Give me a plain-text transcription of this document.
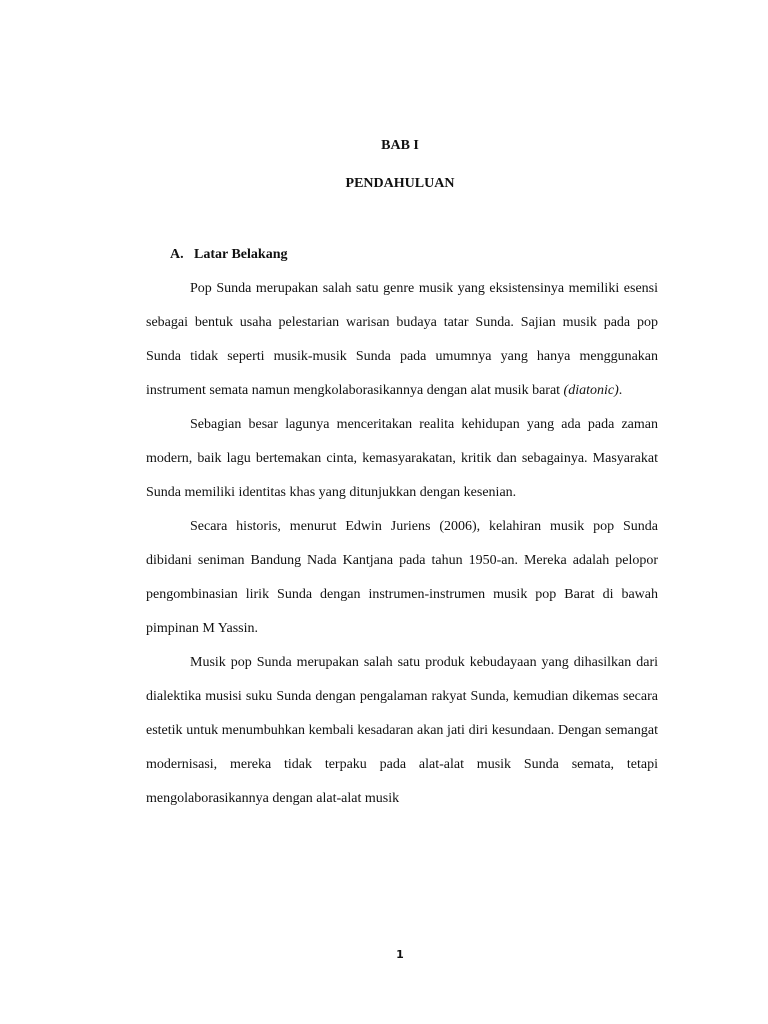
BAB I
PENDAHULUAN
A. Latar Belakang

Pop Sunda merupakan salah satu genre musik yang eksistensinya memiliki esensi sebagai bentuk usaha pelestarian warisan budaya tatar Sunda. Sajian musik pada pop Sunda tidak seperti musik-musik Sunda pada umumnya yang hanya menggunakan instrument semata namun mengkolaborasikannya dengan alat musik barat (diatonic).

Sebagian besar lagunya menceritakan realita kehidupan yang ada pada zaman modern, baik lagu bertemakan cinta, kemasyarakatan, kritik dan sebagainya. Masyarakat Sunda memiliki identitas khas yang ditunjukkan dengan kesenian.

Secara historis, menurut Edwin Juriens (2006), kelahiran musik pop Sunda dibidani seniman Bandung Nada Kantjana pada tahun 1950-an. Mereka adalah pelopor pengombinasian lirik Sunda dengan instrumen-instrumen musik pop Barat di bawah pimpinan M Yassin.

Musik pop Sunda merupakan salah satu produk kebudayaan yang dihasilkan dari dialektika musisi suku Sunda dengan pengalaman rakyat Sunda, kemudian dikemas secara estetik untuk menumbuhkan kembali kesadaran akan jati diri kesundaan. Dengan semangat modernisasi, mereka tidak terpaku pada alat-alat musik Sunda semata, tetapi mengolaborasikannya dengan alat-alat musik

1
